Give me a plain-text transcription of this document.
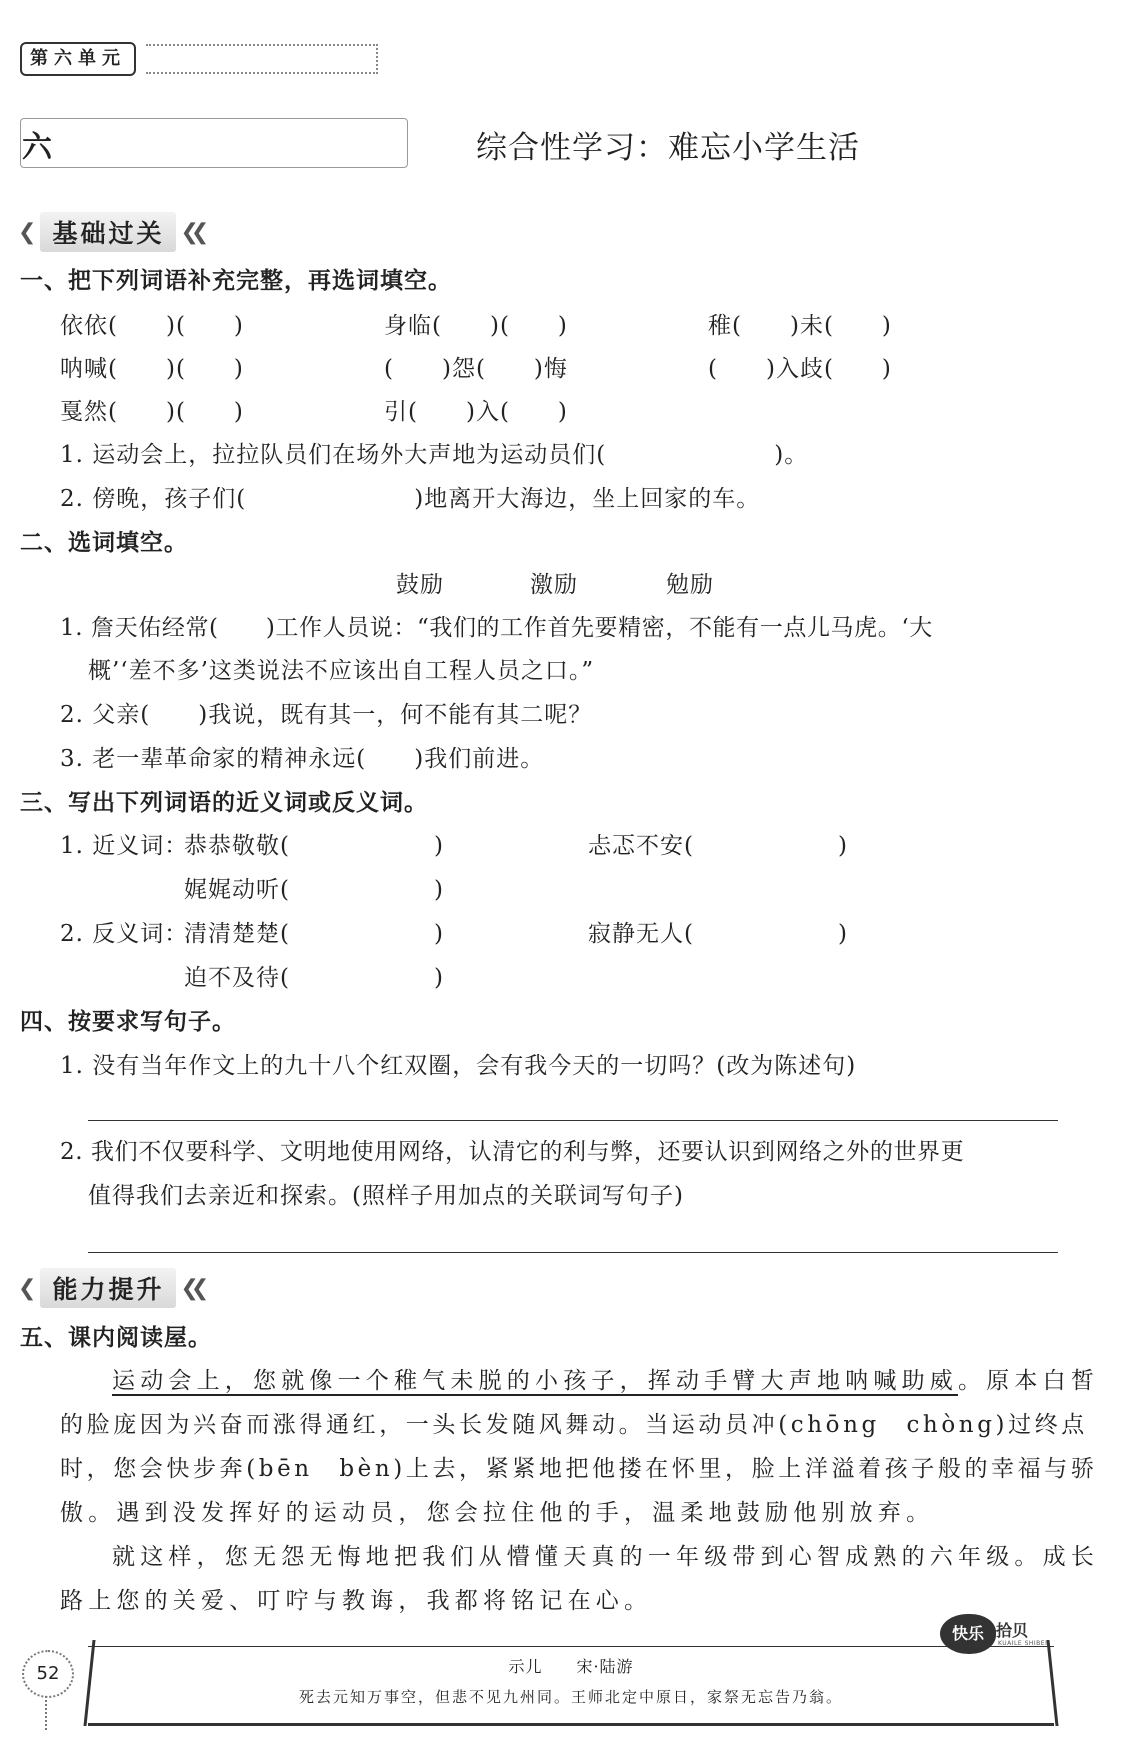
第六单元
六	综合性学习：难忘小学生活
❮ 基础过关 ❮❮
一、把下列词语补充完整，再选词填空。
依依(　　)(　　)	身临(　　)(　　)	稚(　　)未(　　)
呐喊(　　)(　　)	(　　)怨(　　)悔	(　　)入歧(　　)
戛然(　　)(　　)	引(　　)入(　　)
1. 运动会上，拉拉队员们在场外大声地为运动员们(　　　　　　　)。
2. 傍晚，孩子们(　　　　　　　)地离开大海边，坐上回家的车。
二、选词填空。
鼓励	激励	勉励
1. 詹天佑经常(　　)工作人员说：“我们的工作首先要精密，不能有一点儿马虎。‘大
概’‘差不多’这类说法不应该出自工程人员之口。”
2. 父亲(　　)我说，既有其一，何不能有其二呢？
3. 老一辈革命家的精神永远(　　)我们前进。
三、写出下列词语的近义词或反义词。
1. 近义词：
恭恭敬敬(　　　　　　)	忐忑不安(　　　　　　)
娓娓动听(　　　　　　)
2. 反义词：
清清楚楚(　　　　　　)	寂静无人(　　　　　　)
迫不及待(　　　　　　)
四、按要求写句子。
1. 没有当年作文上的九十八个红双圈，会有我今天的一切吗？(改为陈述句)
2. 我们不仅要科学、文明地使用网络，认清它的利与弊，还要认识到网络之外的世界更
值得我们去亲近和探索。(照样子用加点的关联词写句子)
❮ 能力提升 ❮❮
五、课内阅读屋。
运动会上，您就像一个稚气未脱的小孩子，挥动手臂大声地呐喊助威。原本白皙
的脸庞因为兴奋而涨得通红，一头长发随风舞动。当运动员冲(chōng　chòng)过终点
时，您会快步奔(bēn　bèn)上去，紧紧地把他搂在怀里，脸上洋溢着孩子般的幸福与骄
傲。遇到没发挥好的运动员，您会拉住他的手，温柔地鼓励他别放弃。
就这样，您无怨无悔地把我们从懵懂天真的一年级带到心智成熟的六年级。成长
路上您的关爱、叮咛与教诲，我都将铭记在心。
52	示儿　　宋·陆游
死去元知万事空，但悲不见九州同。王师北定中原日，家祭无忘告乃翁。
快乐 拾贝
KUAILE SHIBEI
